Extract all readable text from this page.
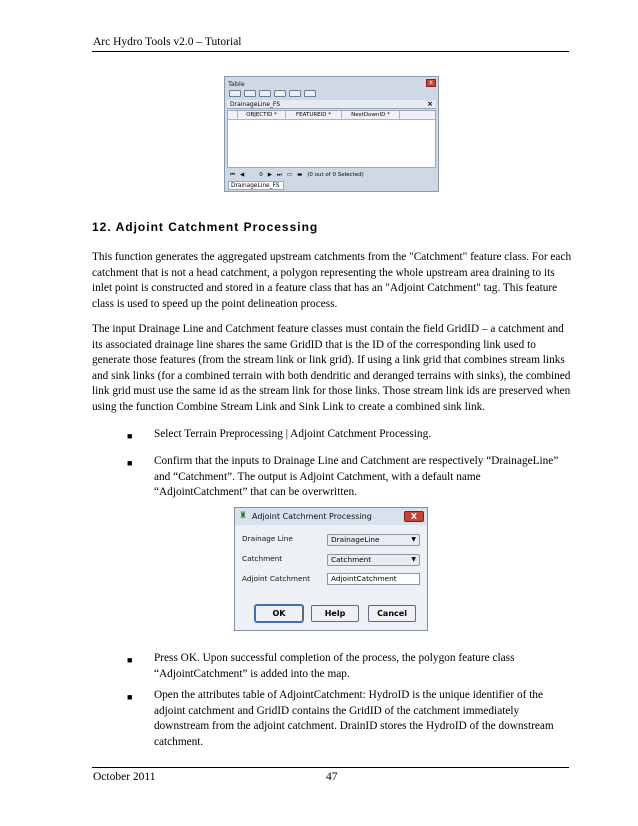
Arc Hydro Tools v2.0 – Tutorial
Table	x
DrainageLine_FS	×
OBJECTID *	FEATUREID *	NextDownID *
⏮ ◀	0 ▶ ⏭ ▭ ▬ (0 out of 0 Selected)
DrainageLine_FS
12. Adjoint Catchment Processing
This function generates the aggregated upstream catchments from the "Catchment" feature class. For each catchment that is not a head catchment, a polygon representing the whole upstream area draining to its inlet point is constructed and stored in a feature class that has an "Adjoint Catchment" tag. This feature class is used to speed up the point delineation process.
The input Drainage Line and Catchment feature classes must contain the field GridID – a catchment and its associated drainage line shares the same GridID that is the ID of the corresponding link used to generate those features (from the stream link or link grid). If using a link grid that combines stream links and sink links (for a combined terrain with both dendritic and deranged terrains with sinks), the combined link grid must use the same id as the stream link for those links. Those stream link ids are preserved when using the function Combine Stream Link and Sink Link to create a combined sink link.
■ Select Terrain Preprocessing | Adjoint Catchment Processing.
■ Confirm that the inputs to Drainage Line and Catchment are respectively “DrainageLine” and “Catchment”. The output is Adjoint Catchment, with a default name “AdjointCatchment” that can be overwritten.
♜ Adjoint Catchment Processing	X
Drainage Line	DrainageLine	▼
Catchment	Catchment	▼
Adjoint Catchment	AdjointCatchment
OK	Help	Cancel
■ Press OK. Upon successful completion of the process, the polygon feature class “AdjointCatchment” is added into the map.
■ Open the attributes table of AdjointCatchment: HydroID is the unique identifier of the adjoint catchment and GridID contains the GridID of the catchment immediately downstream from the adjoint catchment. DrainID stores the HydroID of the downstream catchment.
October 2011	47
